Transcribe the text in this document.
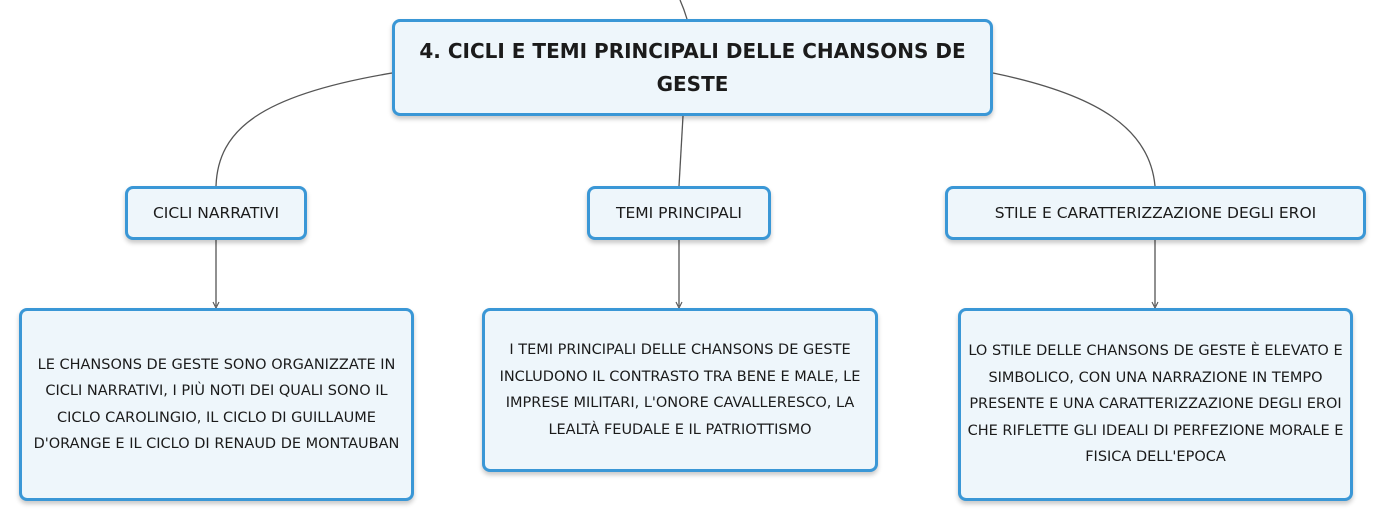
4. CICLI E TEMI PRINCIPALI DELLE CHANSONS DE GESTE
CICLI NARRATIVI	TEMI PRINCIPALI	STILE E CARATTERIZZAZIONE DEGLI EROI
LE CHANSONS DE GESTE SONO ORGANIZZATE IN CICLI NARRATIVI, I PIÙ NOTI DEI QUALI SONO IL CICLO CAROLINGIO, IL CICLO DI GUILLAUME D'ORANGE E IL CICLO DI RENAUD DE MONTAUBAN
I TEMI PRINCIPALI DELLE CHANSONS DE GESTE INCLUDONO IL CONTRASTO TRA BENE E MALE, LE IMPRESE MILITARI, L'ONORE CAVALLERESCO, LA LEALTÀ FEUDALE E IL PATRIOTTISMO
LO STILE DELLE CHANSONS DE GESTE È ELEVATO E SIMBOLICO, CON UNA NARRAZIONE IN TEMPO PRESENTE E UNA CARATTERIZZAZIONE DEGLI EROI CHE RIFLETTE GLI IDEALI DI PERFEZIONE MORALE E FISICA DELL'EPOCA
